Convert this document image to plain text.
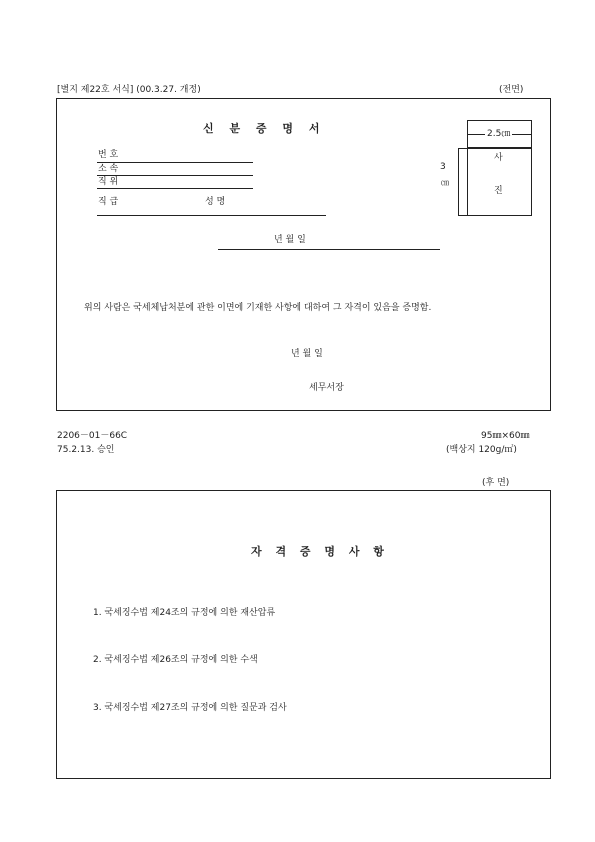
[별지 제22호 서식] (00.3.27. 개정)	(전면)
신 분 증 명 서
번 호
소 속
직 위
직 급	성 명
년 월 일
2.5㎝
3
㎝
사
진
위의 사람은 국세체납처분에 관한 이면에 기재한 사항에 대하여 그 자격이 있음을 증명함.
년 월 일
세무서장
2206－01－66C
75.2.13. 승인
95㎜×60㎜
(백상지 120g/㎡)
(후 면)
자 격 증 명 사 항
1. 국세징수법 제24조의 규정에 의한 재산압류
2. 국세징수법 제26조의 규정에 의한 수색
3. 국세징수법 제27조의 규정에 의한 질문과 검사
